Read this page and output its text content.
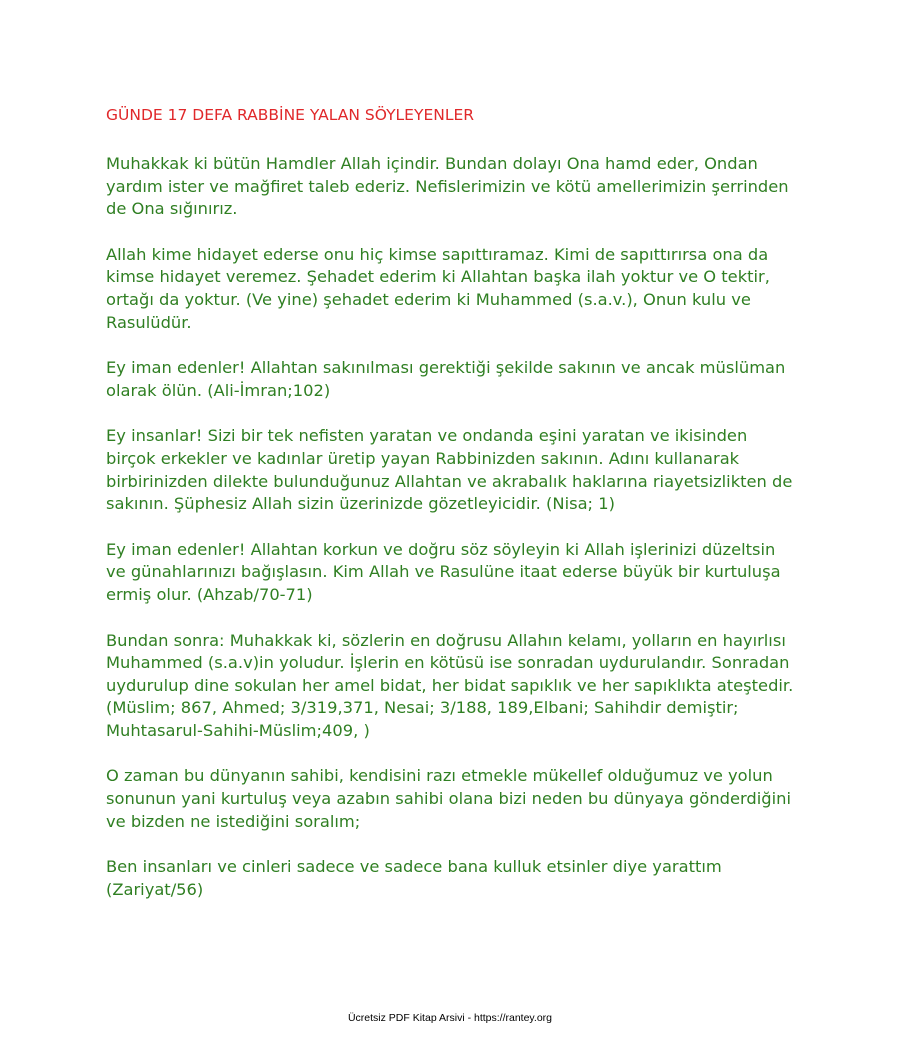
GÜNDE 17 DEFA RABBİNE YALAN SÖYLEYENLER

Muhakkak ki bütün Hamdler Allah içindir. Bundan dolayı Ona hamd eder, Ondan yardım ister ve mağfiret taleb ederiz. Nefislerimizin ve kötü amellerimizin şerrinden de Ona sığınırız.

Allah kime hidayet ederse onu hiç kimse sapıttıramaz. Kimi de sapıttırırsa ona da kimse hidayet veremez. Şehadet ederim ki Allahtan başka ilah yoktur ve O tektir, ortağı da yoktur. (Ve yine) şehadet ederim ki Muhammed (s.a.v.), Onun kulu ve Rasulüdür.

Ey iman edenler! Allahtan sakınılması gerektiği şekilde sakının ve ancak müslüman olarak ölün. (Ali-İmran;102)

Ey insanlar! Sizi bir tek nefisten yaratan ve ondanda eşini yaratan ve ikisinden birçok erkekler ve kadınlar üretip yayan Rabbinizden sakının. Adını kullanarak birbirinizden dilekte bulunduğunuz Allahtan ve akrabalık haklarına riayetsizlikten de sakının. Şüphesiz Allah sizin üzerinizde gözetleyicidir. (Nisa; 1)

Ey iman edenler! Allahtan korkun ve doğru söz söyleyin ki Allah işlerinizi düzeltsin ve günahlarınızı bağışlasın. Kim Allah ve Rasulüne itaat ederse büyük bir kurtuluşa ermiş olur. (Ahzab/70-71)

Bundan sonra: Muhakkak ki, sözlerin en doğrusu Allahın kelamı, yolların en hayırlısı Muhammed (s.a.v)in yoludur. İşlerin en kötüsü ise sonradan uydurulandır. Sonradan uydurulup dine sokulan her amel bidat, her bidat sapıklık ve her sapıklıkta ateştedir.(Müslim; 867, Ahmed; 3/319,371, Nesai; 3/188, 189,Elbani; Sahihdir demiştir; Muhtasarul-Sahihi-Müslim;409, )

O zaman bu dünyanın sahibi, kendisini razı etmekle mükellef olduğumuz ve yolun sonunun yani kurtuluş veya azabın sahibi olana bizi neden bu dünyaya gönderdiğini ve bizden ne istediğini soralım;

Ben insanları ve cinleri sadece ve sadece bana kulluk etsinler diye yarattım (Zariyat/56)

Ücretsiz PDF Kitap Arsivi - https://rantey.org
